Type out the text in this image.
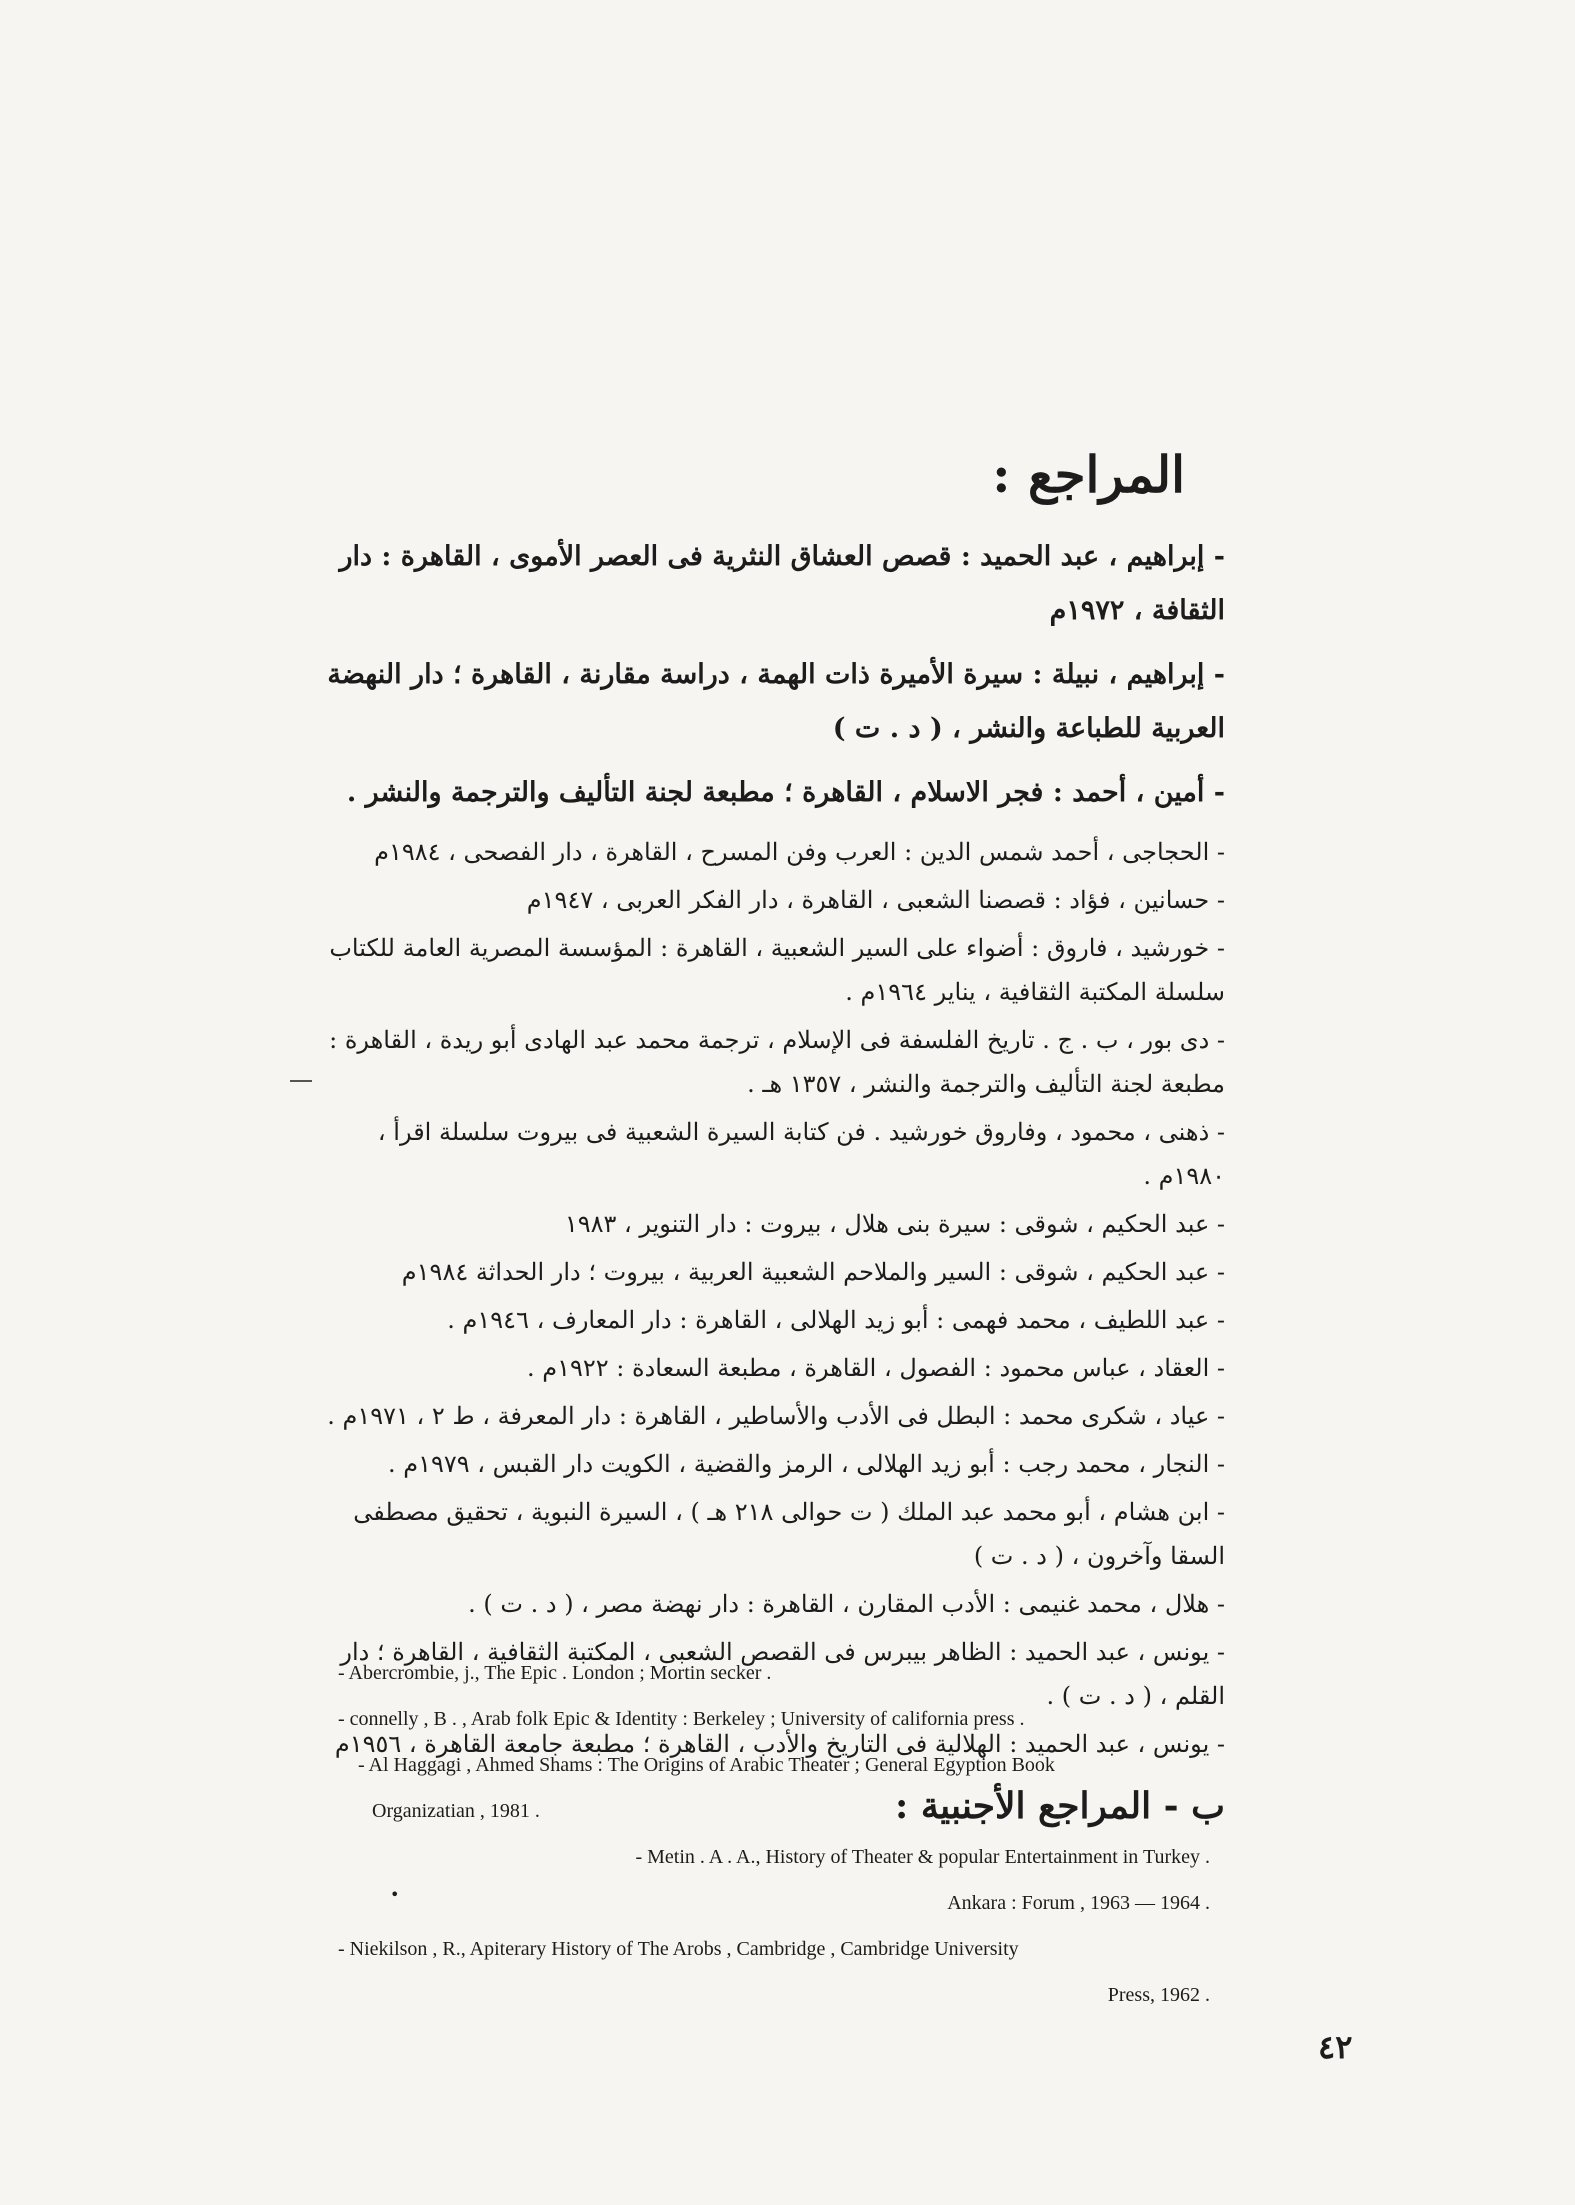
المراجع :
- إبراهيم ، عبد الحميد : قصص العشاق النثرية فى العصر الأموى ، القاهرة : دار الثقافة ، ١٩٧٢م
- إبراهيم ، نبيلة : سيرة الأميرة ذات الهمة ، دراسة مقارنة ، القاهرة ؛ دار النهضة العربية للطباعة والنشر ، ( د . ت )
- أمين ، أحمد : فجر الاسلام ، القاهرة ؛ مطبعة لجنة التأليف والترجمة والنشر .
- الحجاجى ، أحمد شمس الدين : العرب وفن المسرح ، القاهرة ، دار الفصحى ، ١٩٨٤م
- حسانين ، فؤاد : قصصنا الشعبى ، القاهرة ، دار الفكر العربى ، ١٩٤٧م
- خورشيد ، فاروق : أضواء على السير الشعبية ، القاهرة : المؤسسة المصرية العامة للكتاب سلسلة المكتبة الثقافية ، يناير ١٩٦٤م .
- دى بور ، ب . ج . تاريخ الفلسفة فى الإسلام ، ترجمة محمد عبد الهادى أبو ريدة ، القاهرة : مطبعة لجنة التأليف والترجمة والنشر ، ١٣٥٧ هـ .
- ذهنى ، محمود ، وفاروق خورشيد . فن كتابة السيرة الشعبية فى بيروت سلسلة اقرأ ، ١٩٨٠م .
- عبد الحكيم ، شوقى : سيرة بنى هلال ، بيروت : دار التنوير ، ١٩٨٣
- عبد الحكيم ، شوقى : السير والملاحم الشعبية العربية ، بيروت ؛ دار الحداثة ١٩٨٤م
- عبد اللطيف ، محمد فهمى : أبو زيد الهلالى ، القاهرة : دار المعارف ، ١٩٤٦م .
- العقاد ، عباس محمود : الفصول ، القاهرة ، مطبعة السعادة : ١٩٢٢م .
- عياد ، شكرى محمد : البطل فى الأدب والأساطير ، القاهرة : دار المعرفة ، ط ٢ ، ١٩٧١م .
- النجار ، محمد رجب : أبو زيد الهلالى ، الرمز والقضية ، الكويت دار القبس ، ١٩٧٩م .
- ابن هشام ، أبو محمد عبد الملك ( ت حوالى ٢١٨ هـ ) ، السيرة النبوية ، تحقيق مصطفى السقا وآخرون ، ( د . ت )
- هلال ، محمد غنيمى : الأدب المقارن ، القاهرة : دار نهضة مصر ، ( د . ت ) .
- يونس ، عبد الحميد : الظاهر بيبرس فى القصص الشعبى ، المكتبة الثقافية ، القاهرة ؛ دار القلم ، ( د . ت ) .
- يونس ، عبد الحميد : الهلالية فى التاريخ والأدب ، القاهرة ؛ مطبعة جامعة القاهرة ، ١٩٥٦م
ب - المراجع الأجنبية :

- Abercrombie, j., The Epic . London ; Mortin secker .

- connelly , B . , Arab folk Epic & Identity : Berkeley ; University of california press .

- Al Haggagi , Ahmed Shams : The Origins of Arabic Theater ; General Egyption Book

Organizatian , 1981 .

- Metin . A . A., History of Theater & popular Entertainment in Turkey .

Ankara : Forum , 1963 — 1964 .

- Niekilson , R., Apiterary History of The Arobs , Cambridge , Cambridge University

Press, 1962 .

•
٤٢
